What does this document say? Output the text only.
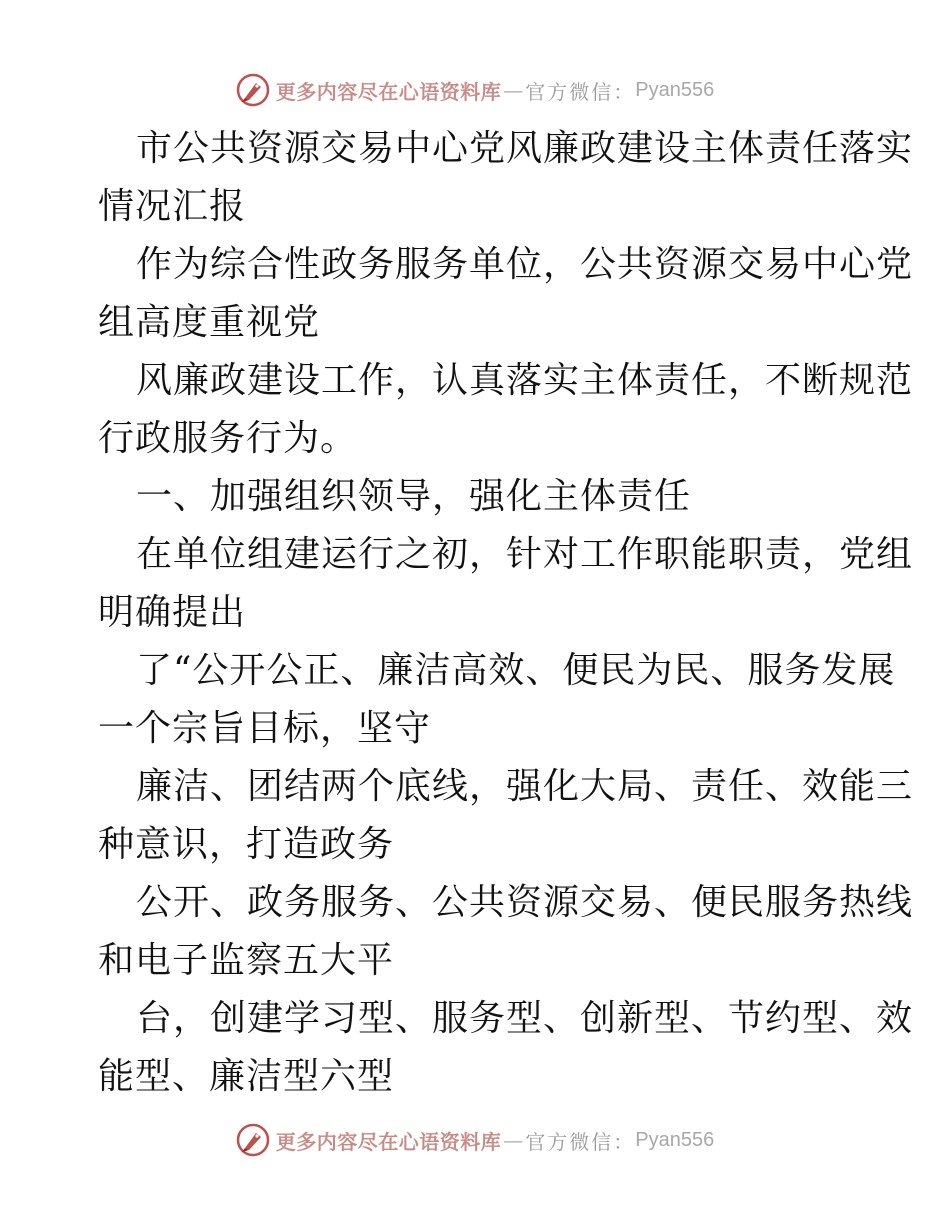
更多内容尽在心语资料库 — 官方微信： Pyan556
市公共资源交易中心党风廉政建设主体责任落实
情况汇报
作为综合性政务服务单位，公共资源交易中心党
组高度重视党
风廉政建设工作，认真落实主体责任，不断规范
行政服务行为。
一、加强组织领导，强化主体责任
在单位组建运行之初，针对工作职能职责，党组
明确提出
了“公开公正、廉洁高效、便民为民、服务发展
一个宗旨目标，坚守
廉洁、团结两个底线，强化大局、责任、效能三
种意识，打造政务
公开、政务服务、公共资源交易、便民服务热线
和电子监察五大平
台，创建学习型、服务型、创新型、节约型、效
能型、廉洁型六型
更多内容尽在心语资料库 — 官方微信： Pyan556
